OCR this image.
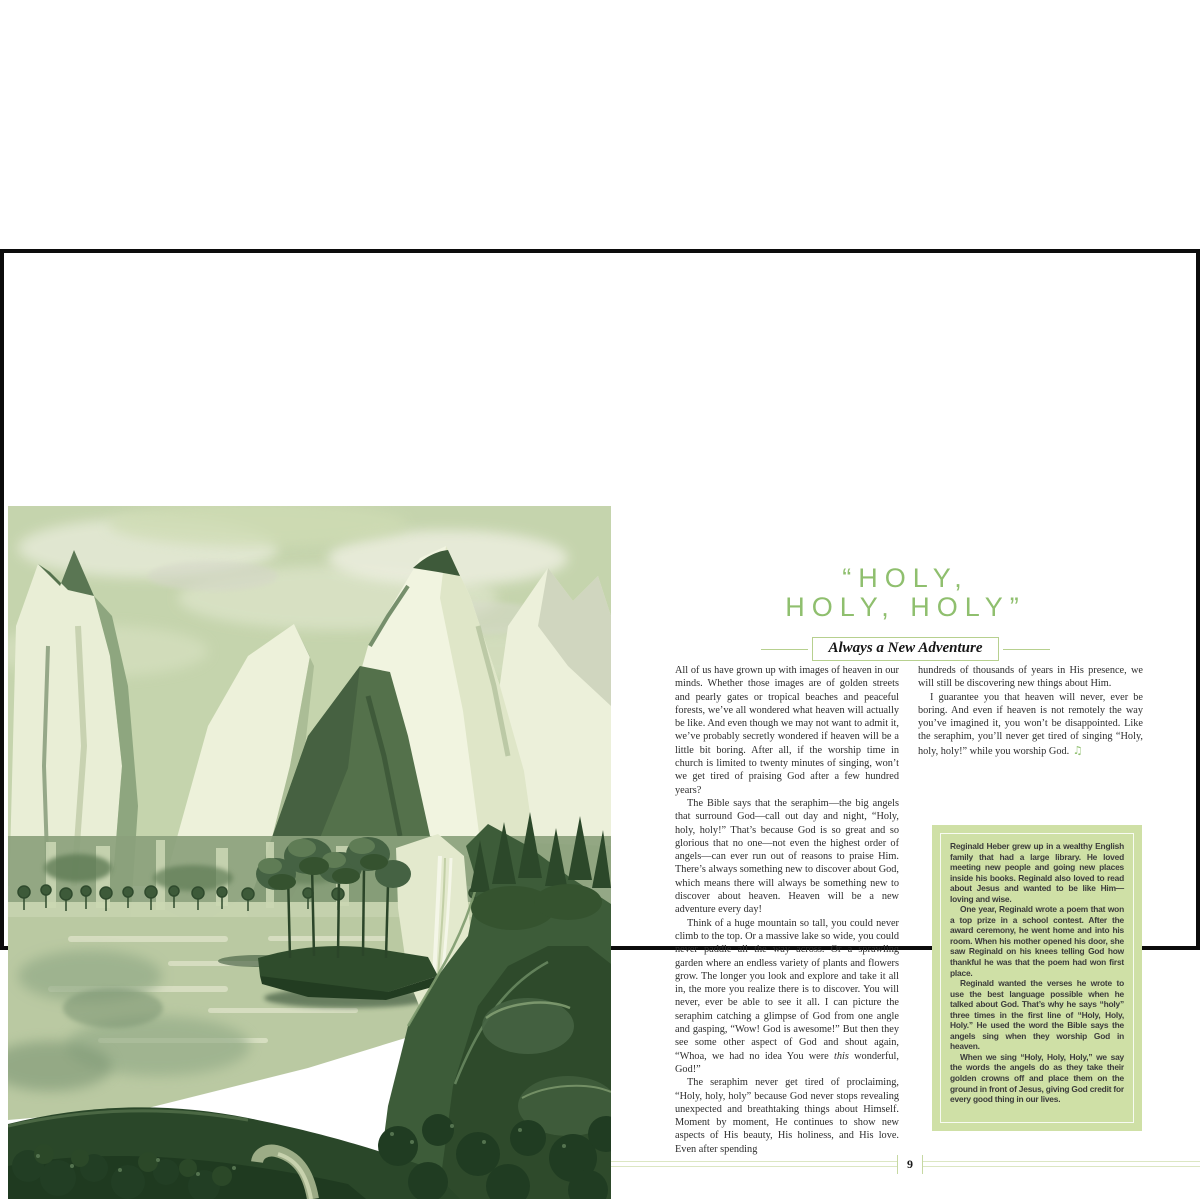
“HOLY,
HOLY, HOLY”
Always a New Adventure

All of us have grown up with images of heaven in our minds. Whether those images are of golden streets and pearly gates or tropical beaches and peaceful forests, we’ve all wondered what heaven will actually be like. And even though we may not want to admit it, we’ve probably secretly wondered if heaven will be a little bit boring. After all, if the worship time in church is limited to twenty minutes of singing, won’t we get tired of praising God after a few hundred years?

The Bible says that the seraphim—the big angels that surround God—call out day and night, “Holy, holy, holy!” That’s because God is so great and so glorious that no one—not even the highest order of angels—can ever run out of reasons to praise Him. There’s always something new to discover about God, which means there will always be something new to discover about heaven. Heaven will be a new adventure every day!

Think of a huge mountain so tall, you could never climb to the top. Or a massive lake so wide, you could never paddle all the way across. Or a sprawling garden where an endless variety of plants and flowers grow. The longer you look and explore and take it all in, the more you realize there is to discover. You will never, ever be able to see it all. I can picture the seraphim catching a glimpse of God from one angle and gasping, “Wow! God is awesome!” But then they see some other aspect of God and shout again, “Whoa, we had no idea You were this wonderful, God!”

The seraphim never get tired of proclaiming, “Holy, holy, holy” because God never stops revealing unexpected and breathtaking things about Himself. Moment by moment, He continues to show new aspects of His beauty, His holiness, and His love. Even after spending

hundreds of thousands of years in His presence, we will still be discovering new things about Him.

I guarantee you that heaven will never, ever be boring. And even if heaven is not remotely the way you’ve imagined it, you won’t be disappointed. Like the seraphim, you’ll never get tired of singing “Holy, holy, holy!” while you worship God. ♫

Reginald Heber grew up in a wealthy English family that had a large library. He loved meeting new people and going new places inside his books. Reginald also loved to read about Jesus and wanted to be like Him—loving and wise.

One year, Reginald wrote a poem that won a top prize in a school contest. After the award ceremony, he went home and into his room. When his mother opened his door, she saw Reginald on his knees telling God how thankful he was that the poem had won first place.

Reginald wanted the verses he wrote to use the best language possible when he talked about God. That’s why he says “holy” three times in the first line of “Holy, Holy, Holy.” He used the word the Bible says the angels sing when they worship God in heaven.

When we sing “Holy, Holy, Holy,” we say the words the angels do as they take their golden crowns off and place them on the ground in front of Jesus, giving God credit for every good thing in our lives.

9
